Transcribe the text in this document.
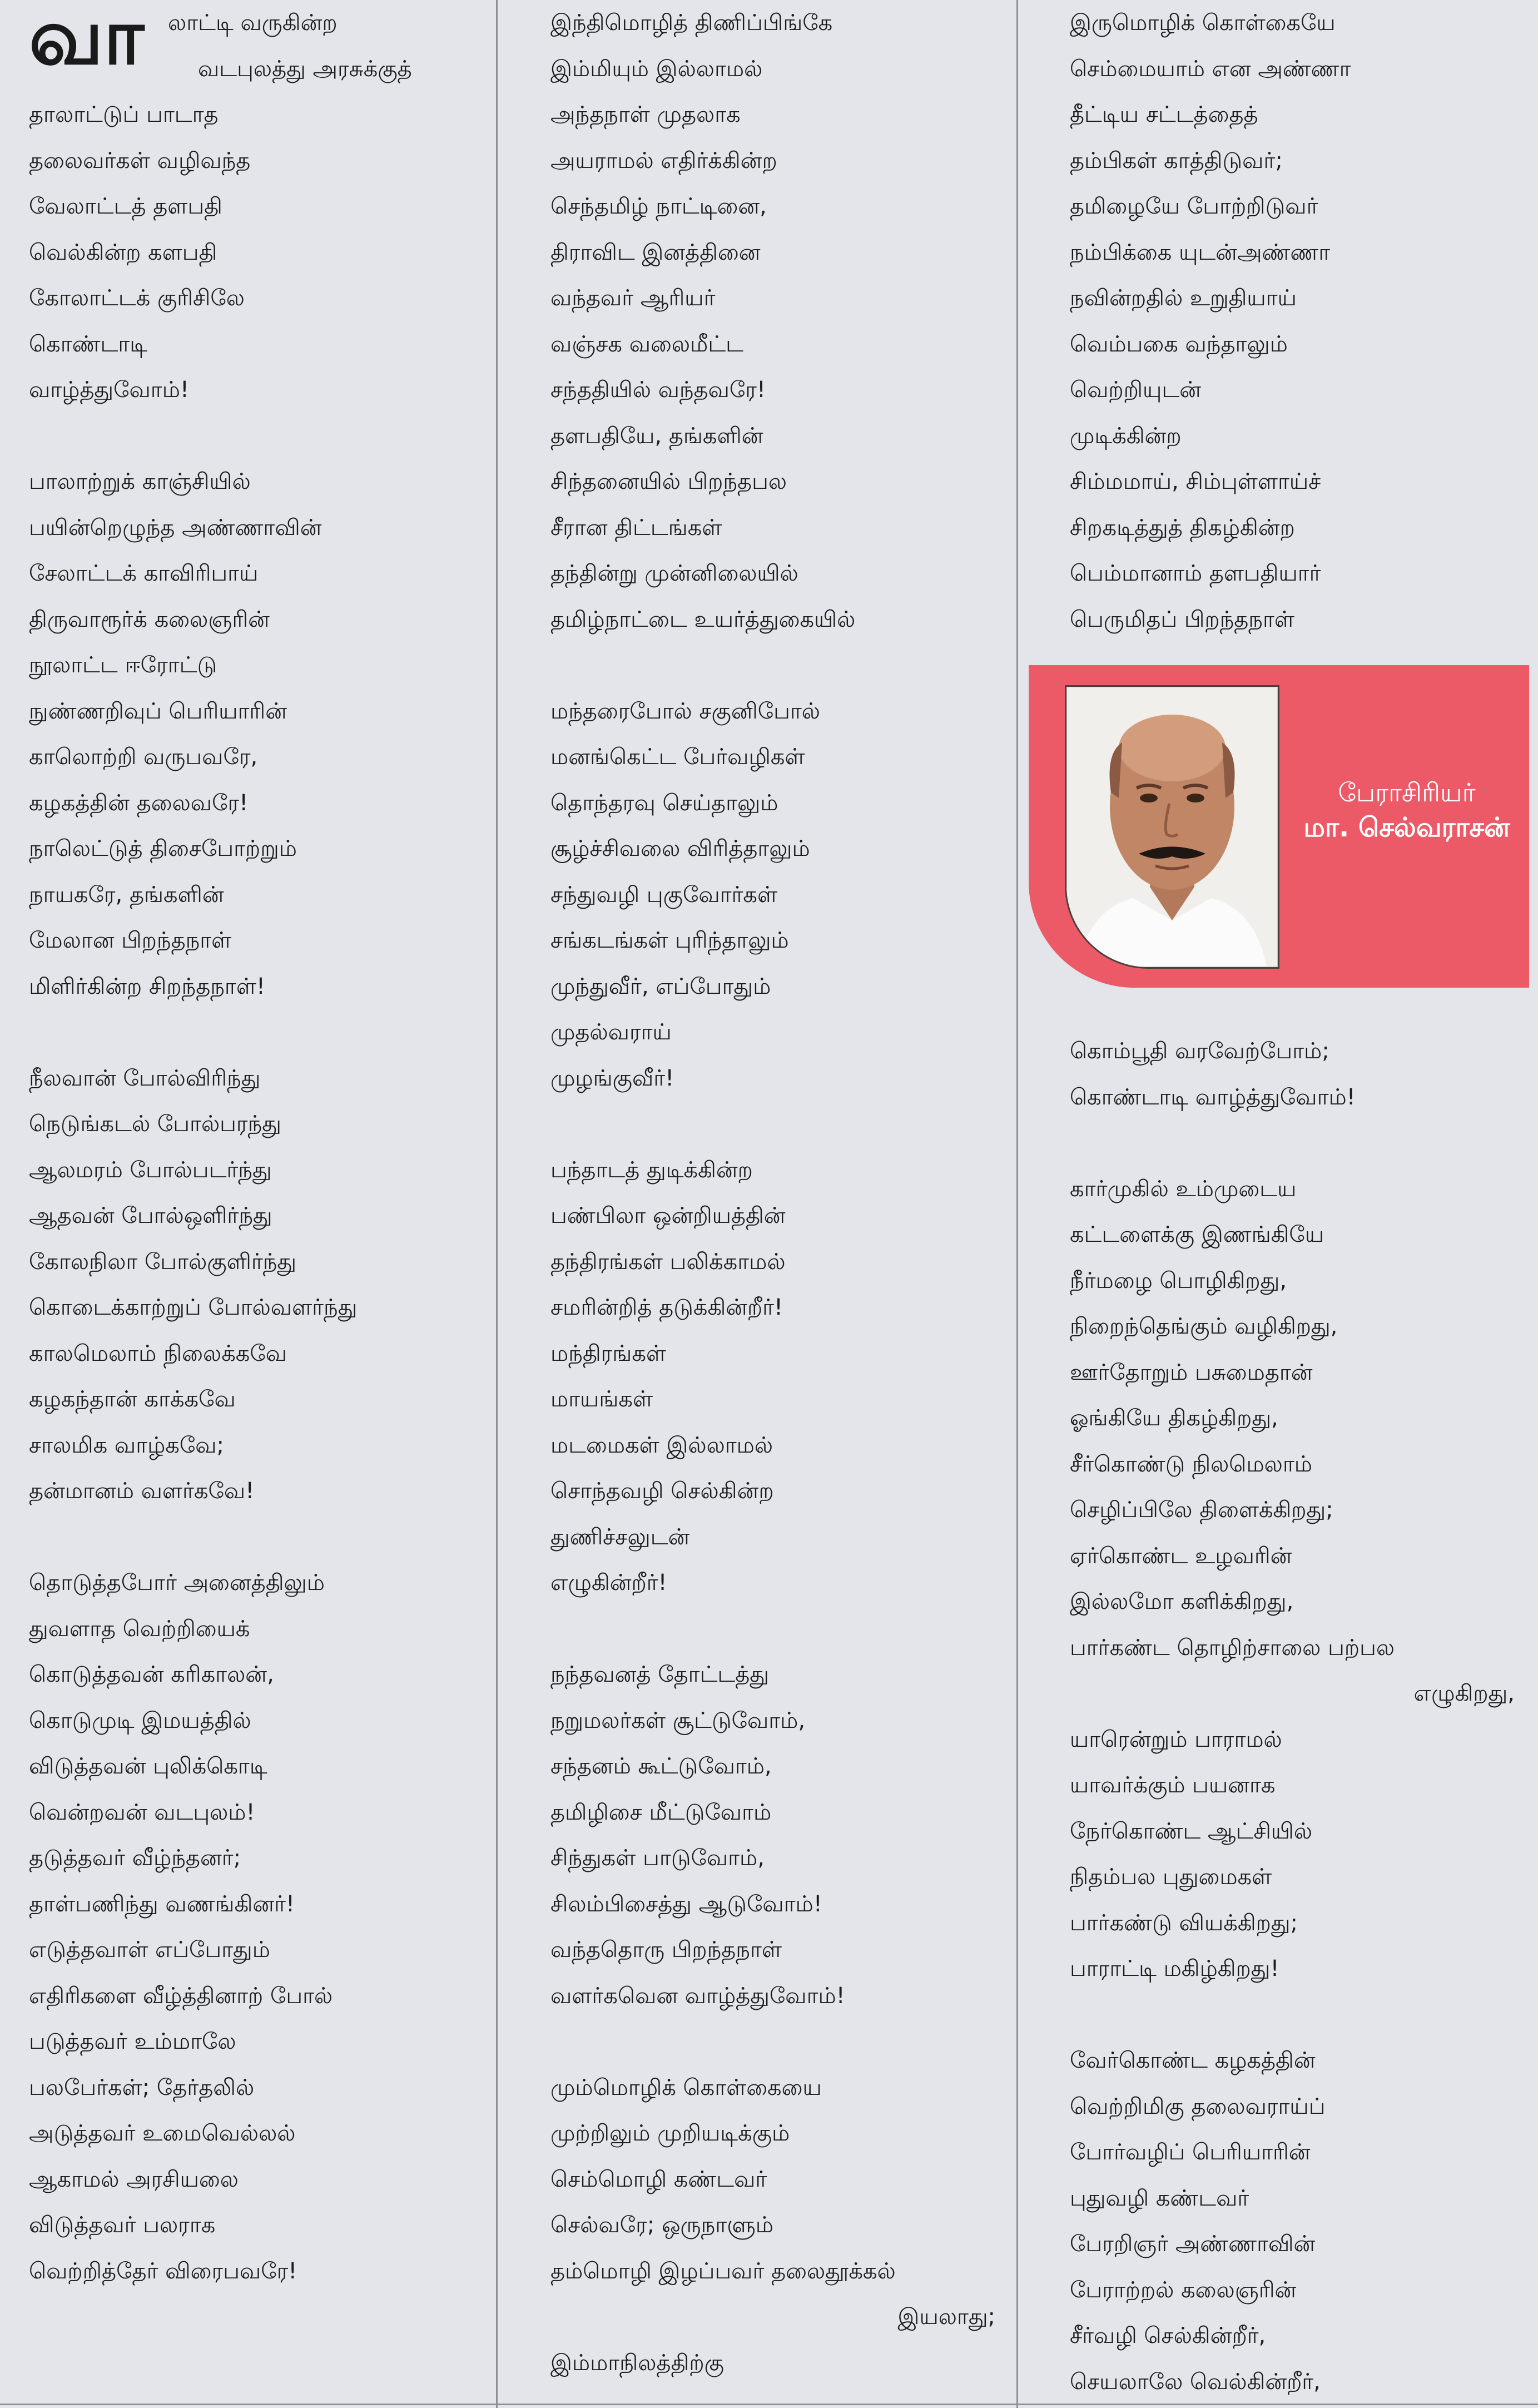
வா லாட்டி வருகின்ற
வடபுலத்து அரசுக்குத்
தாலாட்டுப் பாடாத
தலைவர்கள் வழிவந்த
வேலாட்டத் தளபதி
வெல்கின்ற களபதி
கோலாட்டக் குரிசிலே
கொண்டாடி
வாழ்த்துவோம்!
பாலாற்றுக் காஞ்சியில்
பயின்றெழுந்த அண்ணாவின்
சேலாட்டக் காவிரிபாய்
திருவாரூர்க் கலைஞரின்
நூலாட்ட ஈரோட்டு
நுண்ணறிவுப் பெரியாரின்
காலொற்றி வருபவரே,
கழகத்தின் தலைவரே!
நாலெட்டுத் திசைபோற்றும்
நாயகரே, தங்களின்
மேலான பிறந்தநாள்
மிளிர்கின்ற சிறந்தநாள்!
நீலவான் போல்விரிந்து
நெடுங்கடல் போல்பரந்து
ஆலமரம் போல்படர்ந்து
ஆதவன் போல்ஒளிர்ந்து
கோலநிலா போல்குளிர்ந்து
கொடைக்காற்றுப் போல்வளர்ந்து
காலமெலாம் நிலைக்கவே
கழகந்தான் காக்கவே
சாலமிக வாழ்கவே;
தன்மானம் வளர்கவே!
தொடுத்தபோர் அனைத்திலும்
துவளாத வெற்றியைக்
கொடுத்தவன் கரிகாலன்,
கொடுமுடி இமயத்தில்
விடுத்தவன் புலிக்கொடி
வென்றவன் வடபுலம்!
தடுத்தவர் வீழ்ந்தனர்;
தாள்பணிந்து வணங்கினர்!
எடுத்தவாள் எப்போதும்
எதிரிகளை வீழ்த்தினாற் போல்
படுத்தவர் உம்மாலே
பலபேர்கள்; தேர்தலில்
அடுத்தவர் உமைவெல்லல்
ஆகாமல் அரசியலை
விடுத்தவர் பலராக
வெற்றித்தேர் விரைபவரே!
இந்திமொழித் திணிப்பிங்கே
இம்மியும் இல்லாமல்
அந்தநாள் முதலாக
அயராமல் எதிர்க்கின்ற
செந்தமிழ் நாட்டினை,
திராவிட இனத்தினை
வந்தவர் ஆரியர்
வஞ்சக வலைமீட்ட
சந்ததியில் வந்தவரே!
தளபதியே, தங்களின்
சிந்தனையில் பிறந்தபல
சீரான திட்டங்கள்
தந்தின்று முன்னிலையில்
தமிழ்நாட்டை உயர்த்துகையில்
மந்தரைபோல் சகுனிபோல்
மனங்கெட்ட பேர்வழிகள்
தொந்தரவு செய்தாலும்
சூழ்ச்சிவலை விரித்தாலும்
சந்துவழி புகுவோர்கள்
சங்கடங்கள் புரிந்தாலும்
முந்துவீர், எப்போதும்
முதல்வராய்
முழங்குவீர்!
பந்தாடத் துடிக்கின்ற
பண்பிலா ஒன்றியத்தின்
தந்திரங்கள் பலிக்காமல்
சமரின்றித் தடுக்கின்றீர்!
மந்திரங்கள்
மாயங்கள்
மடமைகள் இல்லாமல்
சொந்தவழி செல்கின்ற
துணிச்சலுடன்
எழுகின்றீர்!
நந்தவனத் தோட்டத்து
நறுமலர்கள் சூட்டுவோம்,
சந்தனம் கூட்டுவோம்,
தமிழிசை மீட்டுவோம்
சிந்துகள் பாடுவோம்,
சிலம்பிசைத்து ஆடுவோம்!
வந்ததொரு பிறந்தநாள்
வளர்கவென வாழ்த்துவோம்!
மும்மொழிக் கொள்கையை
முற்றிலும் முறியடிக்கும்
செம்மொழி கண்டவர்
செல்வரே; ஒருநாளும்
தம்மொழி இழப்பவர் தலைதூக்கல்
இயலாது;
இம்மாநிலத்திற்கு
இருமொழிக் கொள்கையே
செம்மையாம் என அண்ணா
தீட்டிய சட்டத்தைத்
தம்பிகள் காத்திடுவர்;
தமிழையே போற்றிடுவர்
நம்பிக்கை யுடன்அண்ணா
நவின்றதில் உறுதியாய்
வெம்பகை வந்தாலும்
வெற்றியுடன்
முடிக்கின்ற
சிம்மமாய், சிம்புள்ளாய்ச்
சிறகடித்துத் திகழ்கின்ற
பெம்மானாம் தளபதியார்
பெருமிதப் பிறந்தநாள்
பேராசிரியர்
மா. செல்வராசன்
கொம்பூதி வரவேற்போம்;
கொண்டாடி வாழ்த்துவோம்!
கார்முகில் உம்முடைய
கட்டளைக்கு இணங்கியே
நீர்மழை பொழிகிறது,
நிறைந்தெங்கும் வழிகிறது,
ஊர்தோறும் பசுமைதான்
ஓங்கியே திகழ்கிறது,
சீர்கொண்டு நிலமெலாம்
செழிப்பிலே திளைக்கிறது;
ஏர்கொண்ட உழவரின்
இல்லமோ களிக்கிறது,
பார்கண்ட தொழிற்சாலை பற்பல
எழுகிறது,
யாரென்றும் பாராமல்
யாவர்க்கும் பயனாக
நேர்கொண்ட ஆட்சியில்
நிதம்பல புதுமைகள்
பார்கண்டு வியக்கிறது;
பாராட்டி மகிழ்கிறது!
வேர்கொண்ட கழகத்தின்
வெற்றிமிகு தலைவராய்ப்
போர்வழிப் பெரியாரின்
புதுவழி கண்டவர்
பேரறிஞர் அண்ணாவின்
பேராற்றல் கலைஞரின்
சீர்வழி செல்கின்றீர்,
செயலாலே வெல்கின்றீர்,
